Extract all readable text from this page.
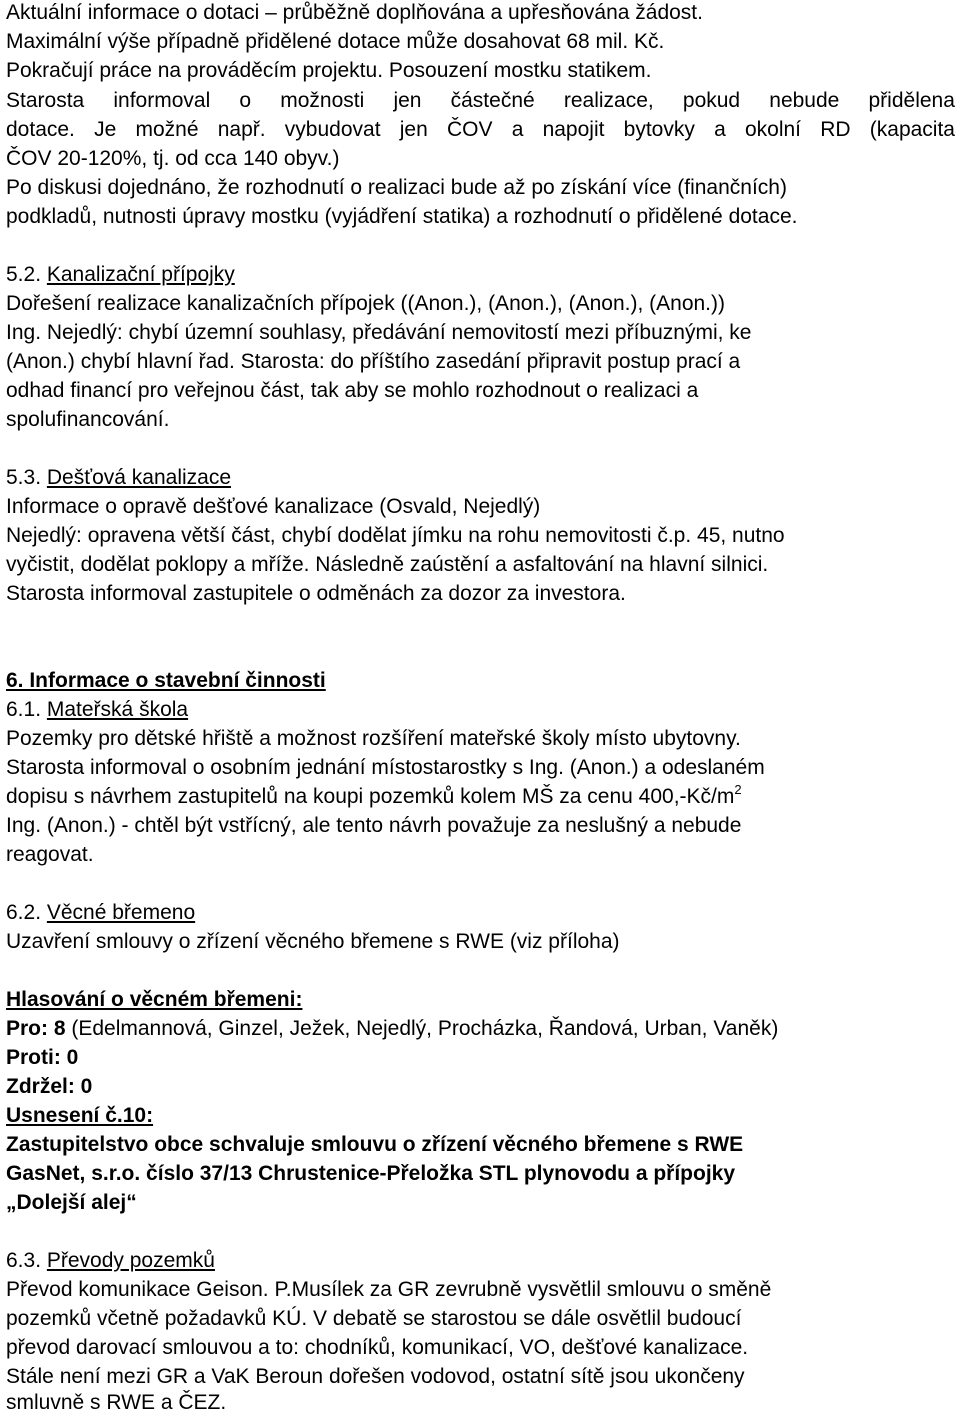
Aktuální informace o dotaci – průběžně doplňována a upřesňována žádost.
Maximální výše případně přidělené dotace může dosahovat 68 mil. Kč.
Pokračují práce na prováděcím projektu. Posouzení mostku statikem.
Starosta informoval o možnosti jen částečné realizace, pokud nebude přidělena
dotace. Je možné např. vybudovat jen ČOV a napojit bytovky a okolní RD (kapacita
ČOV 20-120%, tj. od cca 140 obyv.)
Po diskusi dojednáno, že rozhodnutí o realizaci bude až po získání více (finančních)
podkladů, nutnosti úpravy mostku (vyjádření statika) a rozhodnutí o přidělené dotace.
5.2. Kanalizační přípojky
Dořešení realizace kanalizačních přípojek ((Anon.), (Anon.), (Anon.), (Anon.))
Ing. Nejedlý: chybí územní souhlasy, předávání nemovitostí mezi příbuznými, ke
(Anon.) chybí hlavní řad. Starosta: do příštího zasedání připravit postup prací a
odhad financí pro veřejnou část, tak aby se mohlo rozhodnout o realizaci a
spolufinancování.
5.3. Dešťová kanalizace
Informace o opravě dešťové kanalizace (Osvald, Nejedlý)
Nejedlý: opravena větší část, chybí dodělat jímku na rohu nemovitosti č.p. 45, nutno
vyčistit, dodělat poklopy a mříže. Následně zaústění a asfaltování na hlavní silnici.
Starosta informoval zastupitele o odměnách za dozor za investora.
6. Informace o stavební činnosti
6.1. Mateřská škola
Pozemky pro dětské hřiště a možnost rozšíření mateřské školy místo ubytovny.
Starosta informoval o osobním jednání místostarostky s Ing. (Anon.) a odeslaném
dopisu s návrhem zastupitelů na koupi pozemků kolem MŠ za cenu $400,-Kč/m^2$
Ing. (Anon.) - chtěl být vstřícný, ale tento návrh považuje za neslušný a nebude
reagovat.
6.2. Věcné břemeno
Uzavření smlouvy o zřízení věcného břemene s RWE (viz příloha)
Hlasování o věcném břemeni:
Pro: 8 (Edelmannová, Ginzel, Ježek, Nejedlý, Procházka, Řandová, Urban, Vaněk)
Proti: 0
Zdržel: 0
Usnesení č.10:
Zastupitelstvo obce schvaluje smlouvu o zřízení věcného břemene s RWE
GasNet, s.r.o. číslo 37/13 Chrustenice-Přeložka STL plynovodu a přípojky
„Dolejší alej“
6.3. Převody pozemků
Převod komunikace Geison. P.Musílek za GR zevrubně vysvětlil smlouvu o směně
pozemků včetně požadavků KÚ. V debatě se starostou se dále osvětlil budoucí
převod darovací smlouvou a to: chodníků, komunikací, VO, dešťové kanalizace.
Stále není mezi GR a VaK Beroun dořešen vodovod, ostatní sítě jsou ukončeny
smluvně s RWE a ČEZ.
